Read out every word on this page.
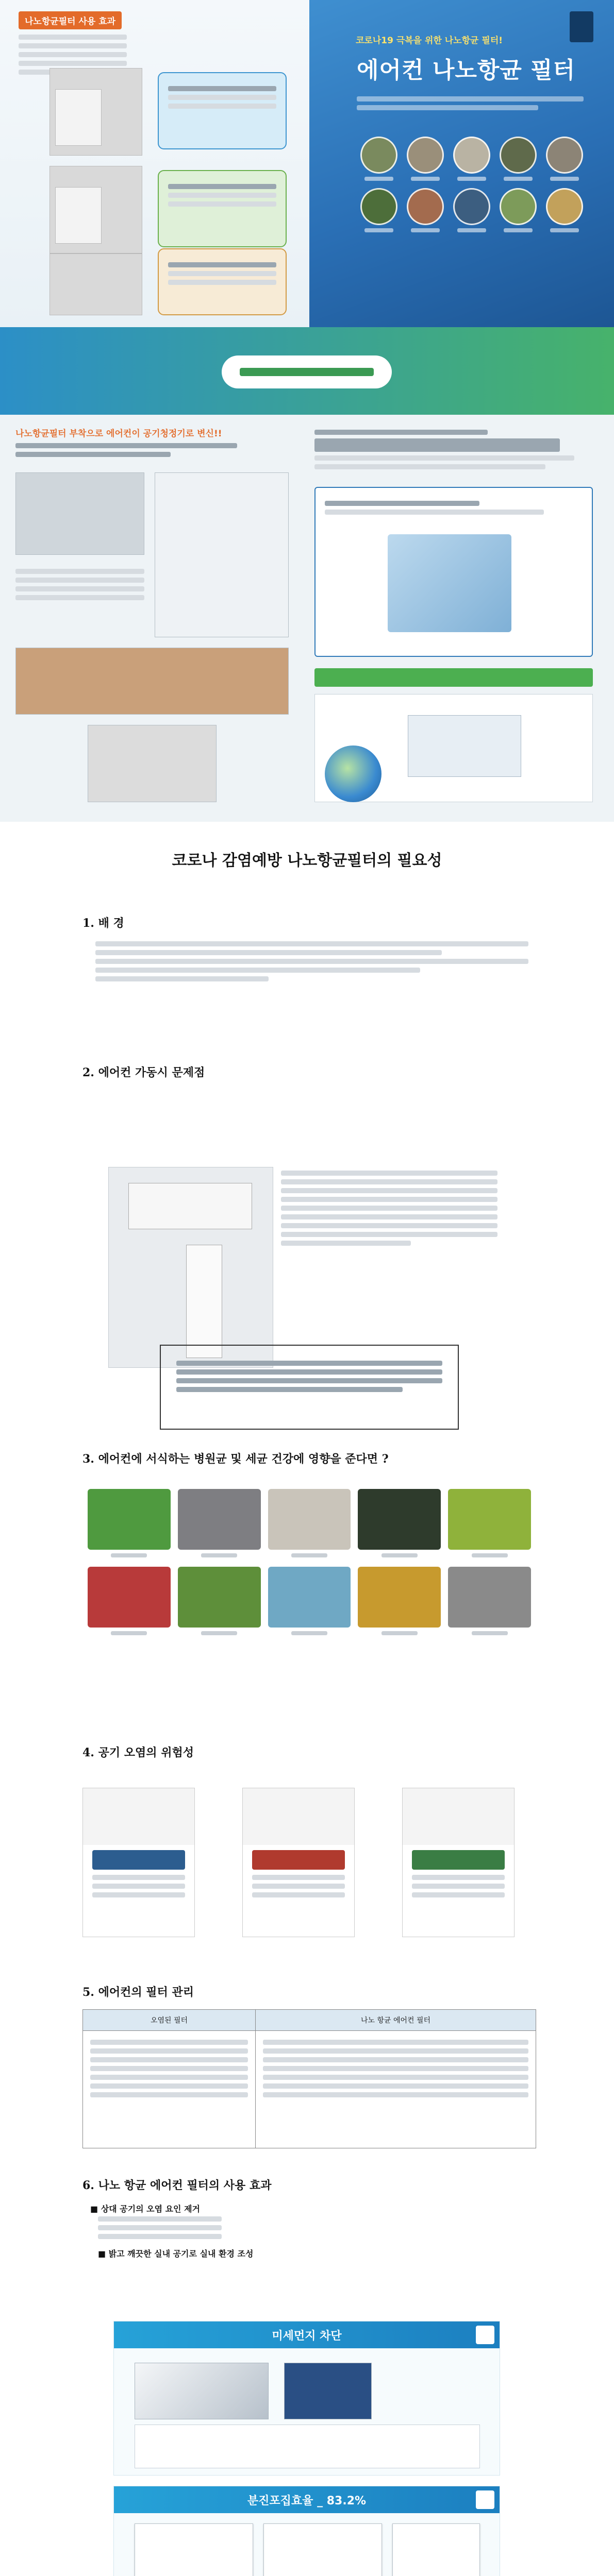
나노항균필터 사용 효과
코로나19 극복을 위한 나노항균 필터!
에어컨 나노항균 필터
나노항균필터 부착으로 에어컨이 공기청정기로 변신!!
코로나 감염예방 나노항균필터의 필요성
1. 배 경
2. 에어컨 가동시 문제점
3. 에어컨에 서식하는 병원균 및 세균 건강에 영향을 준다면 ?
4. 공기 오염의 위험성
5. 에어컨의 필터 관리
오염된 필터	나노 항균 에어컨 필터

6. 나노 항균 에어컨 필터의 사용 효과
■ 상대 공기의 오염 요인 제거
■ 밝고 깨끗한 실내 공기로 실내 환경 조성
미세먼지 차단
분진포집효율 _ 83.2%
